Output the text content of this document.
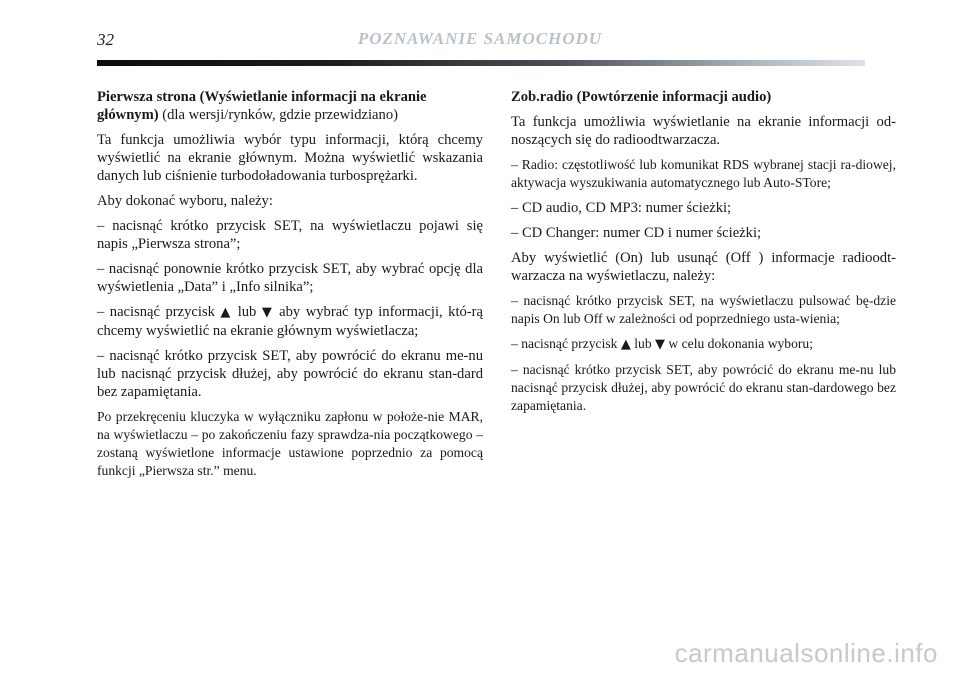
32	POZNAWANIE SAMOCHODU

Pierwsza strona (Wyświetlanie informacji na ekranie głównym) (dla wersji/rynków, gdzie przewidziano)

Ta funkcja umożliwia wybór typu informacji, którą chcemy wyświetlić na ekranie głównym. Można wyświetlić wskazania danych lub ciśnienie turbodoładowania turbosprężarki.

Aby dokonać wyboru, należy:

– nacisnąć krótko przycisk SET, na wyświetlaczu pojawi się napis „Pierwsza strona”;

– nacisnąć ponownie krótko przycisk SET, aby wybrać opcję dla wyświetlenia „Data” i „Info silnika”;

– nacisnąć przycisk ▲ lub ▼ aby wybrać typ informacji, któ-rą chcemy wyświetlić na ekranie głównym wyświetlacza;

– nacisnąć krótko przycisk SET, aby powrócić do ekranu me-nu lub nacisnąć przycisk dłużej, aby powrócić do ekranu stan-dard bez zapamiętania.

Po przekręceniu kluczyka w wyłączniku zapłonu w położe-nie MAR, na wyświetlaczu – po zakończeniu fazy sprawdza-nia początkowego – zostaną wyświetlone informacje ustawione poprzednio za pomocą funkcji „Pierwsza str.” menu.

Zob.radio (Powtórzenie informacji audio)

Ta funkcja umożliwia wyświetlanie na ekranie informacji od-noszących się do radioodtwarzacza.

– Radio: częstotliwość lub komunikat RDS wybranej stacji ra-diowej, aktywacja wyszukiwania automatycznego lub Auto-STore;

– CD audio, CD MP3: numer ścieżki;

– CD Changer: numer CD i numer ścieżki;

Aby wyświetlić (On) lub usunąć (Off ) informacje radioodt-warzacza na wyświetlaczu, należy:

– nacisnąć krótko przycisk SET, na wyświetlaczu pulsować bę-dzie napis On lub Off w zależności od poprzedniego usta-wienia;

– nacisnąć przycisk ▲ lub ▼ w celu dokonania wyboru;

– nacisnąć krótko przycisk SET, aby powrócić do ekranu me-nu lub nacisnąć przycisk dłużej, aby powrócić do ekranu stan-dardowego bez zapamiętania.

carmanualsonline.info
